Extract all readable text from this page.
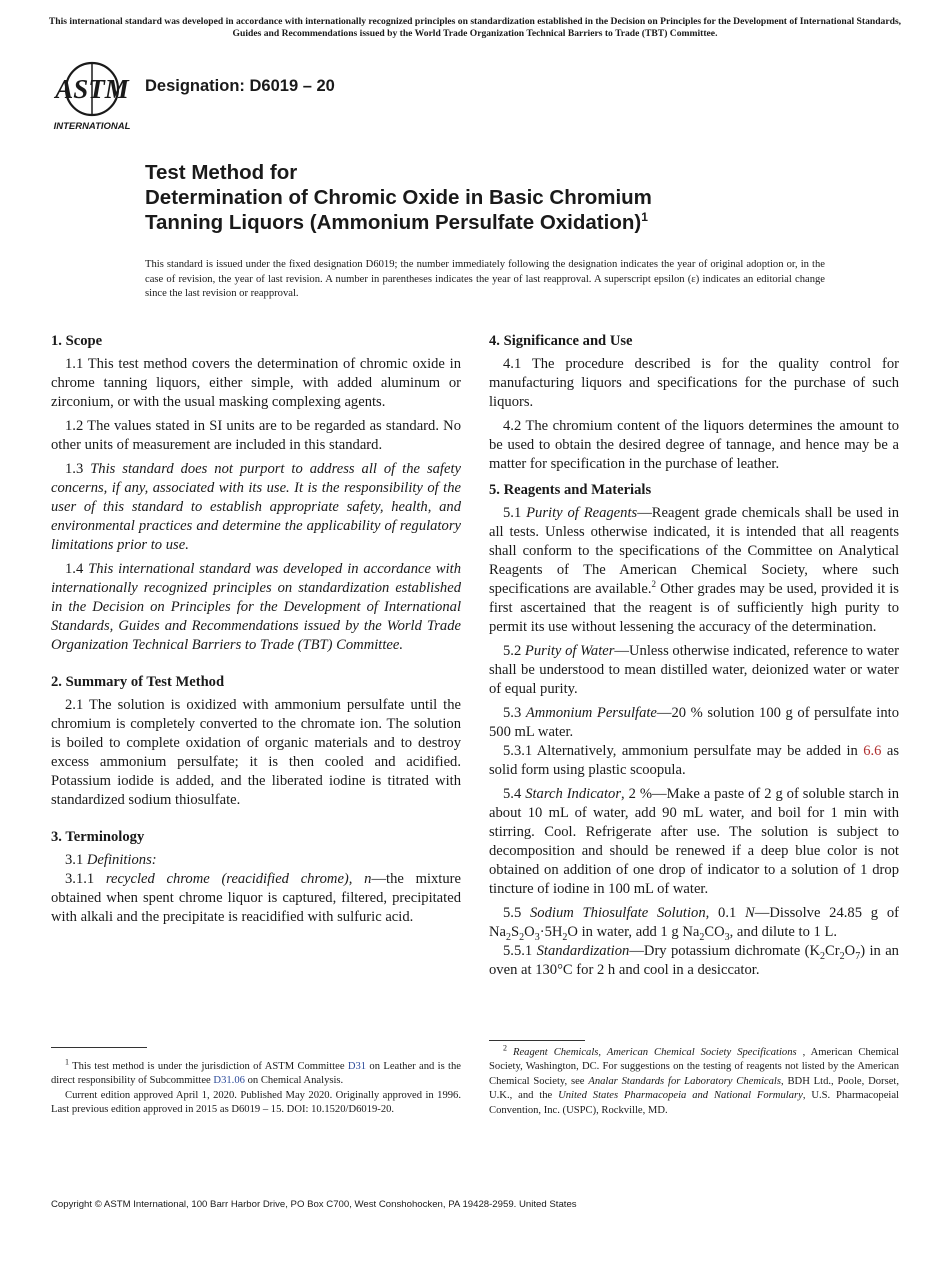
This international standard was developed in accordance with internationally recognized principles on standardization established in the Decision on Principles for the Development of International Standards, Guides and Recommendations issued by the World Trade Organization Technical Barriers to Trade (TBT) Committee.
ASTM
INTERNATIONAL
Designation: D6019 – 20
Test Method for
Determination of Chromic Oxide in Basic Chromium
Tanning Liquors (Ammonium Persulfate Oxidation)$^1$
This standard is issued under the fixed designation D6019; the number immediately following the designation indicates the year of original adoption or, in the case of revision, the year of last revision. A number in parentheses indicates the year of last reapproval. A superscript epsilon (ε) indicates an editorial change since the last revision or reapproval.
1. Scope

1.1 This test method covers the determination of chromic oxide in chrome tanning liquors, either simple, with added aluminum or zirconium, or with the usual masking complexing agents.

1.2 The values stated in SI units are to be regarded as standard. No other units of measurement are included in this standard.

1.3 This standard does not purport to address all of the safety concerns, if any, associated with its use. It is the responsibility of the user of this standard to establish appropriate safety, health, and environmental practices and determine the applicability of regulatory limitations prior to use.

1.4 This international standard was developed in accordance with internationally recognized principles on standardization established in the Decision on Principles for the Development of International Standards, Guides and Recommendations issued by the World Trade Organization Technical Barriers to Trade (TBT) Committee.

2. Summary of Test Method

2.1 The solution is oxidized with ammonium persulfate until the chromium is completely converted to the chromate ion. The solution is boiled to complete oxidation of organic materials and to destroy excess ammonium persulfate; it is then cooled and acidified. Potassium iodide is added, and the liberated iodine is titrated with standardized sodium thiosulfate.

3. Terminology

3.1 Definitions:

3.1.1 recycled chrome (reacidified chrome), n—the mixture obtained when spent chrome liquor is captured, filtered, precipitated with alkali and the precipitate is reacidified with sulfuric acid.

4. Significance and Use

4.1 The procedure described is for the quality control for manufacturing liquors and specifications for the purchase of such liquors.

4.2 The chromium content of the liquors determines the amount to be used to obtain the desired degree of tannage, and hence may be a matter for specification in the purchase of leather.

5. Reagents and Materials

5.1 Purity of Reagents—Reagent grade chemicals shall be used in all tests. Unless otherwise indicated, it is intended that all reagents shall conform to the specifications of the Committee on Analytical Reagents of The American Chemical Society, where such specifications are available.$^2$ Other grades may be used, provided it is first ascertained that the reagent is of sufficiently high purity to permit its use without lessening the accuracy of the determination.

5.2 Purity of Water—Unless otherwise indicated, reference to water shall be understood to mean distilled water, deionized water or water of equal purity.

5.3 Ammonium Persulfate—20 % solution 100 g of persulfate into 500 mL water.

5.3.1 Alternatively, ammonium persulfate may be added in 6.6 as solid form using plastic scoopula.

5.4 Starch Indicator, 2 %—Make a paste of 2 g of soluble starch in about 10 mL of water, add 90 mL water, and boil for 1 min with stirring. Cool. Refrigerate after use. The solution is subject to decomposition and should be renewed if a deep blue color is not obtained on addition of one drop of indicator to a solution of 1 drop tincture of iodine in 100 mL of water.

5.5 Sodium Thiosulfate Solution, 0.1 N—Dissolve 24.85 g of $Na_2S_2O_3\cdot 5H_2O$ in water, add 1 g $Na_2CO_3$, and dilute to 1 L.

5.5.1 Standardization—Dry potassium dichromate $(K_2Cr_2O_7)$ in an oven at 130°C for 2 h and cool in a desiccator.

$^1$ This test method is under the jurisdiction of ASTM Committee D31 on Leather and is the direct responsibility of Subcommittee D31.06 on Chemical Analysis.

Current edition approved April 1, 2020. Published May 2020. Originally approved in 1996. Last previous edition approved in 2015 as D6019 – 15. DOI: 10.1520/D6019-20.

$^2$ Reagent Chemicals, American Chemical Society Specifications , American Chemical Society, Washington, DC. For suggestions on the testing of reagents not listed by the American Chemical Society, see Analar Standards for Laboratory Chemicals, BDH Ltd., Poole, Dorset, U.K., and the United States Pharmacopeia and National Formulary, U.S. Pharmacopeial Convention, Inc. (USPC), Rockville, MD.

Copyright © ASTM International, 100 Barr Harbor Drive, PO Box C700, West Conshohocken, PA 19428-2959. United States
